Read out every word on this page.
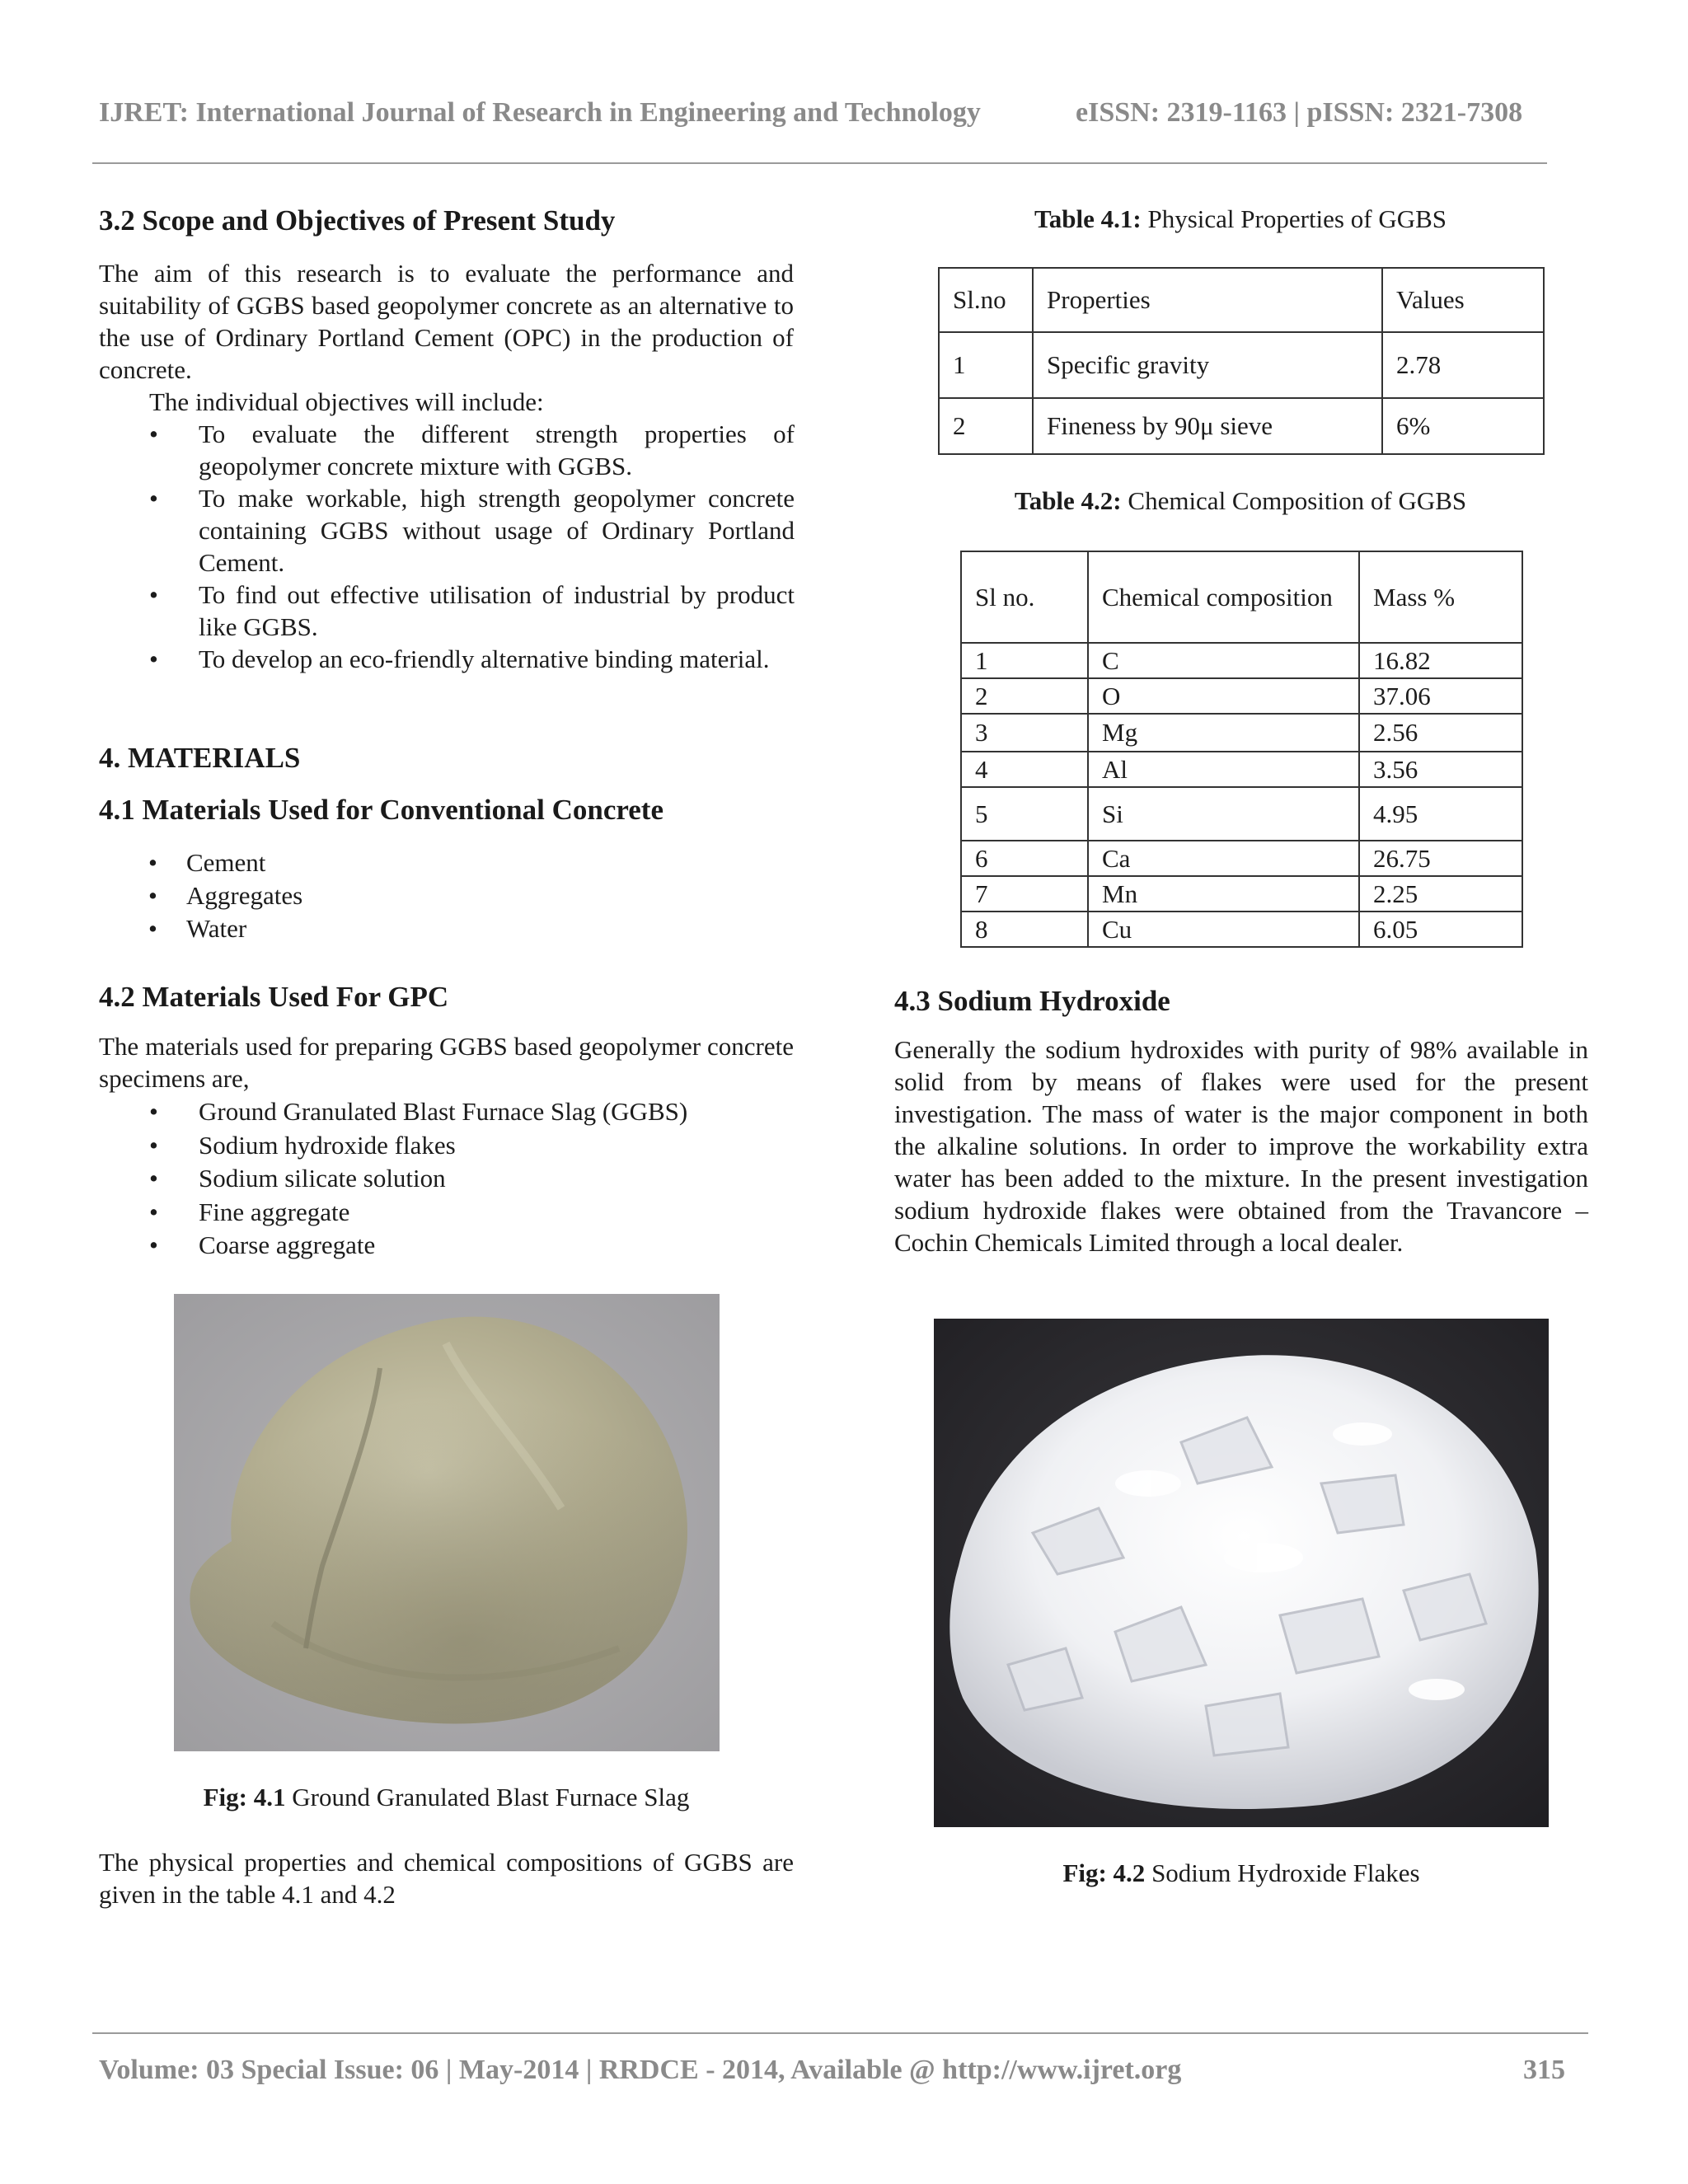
IJRET: International Journal of Research in Engineering and Technology	eISSN: 2319-1163 | pISSN: 2321-7308
3.2 Scope and Objectives of Present Study
The aim of this research is to evaluate the performance and suitability of GGBS based geopolymer concrete as an alternative to the use of Ordinary Portland Cement (OPC) in the production of concrete.
The individual objectives will include:
• To evaluate the different strength properties of geopolymer concrete mixture with GGBS.
• To make workable, high strength geopolymer concrete containing GGBS without usage of Ordinary Portland Cement.
• To find out effective utilisation of industrial by product like GGBS.
• To develop an eco-friendly alternative binding material.
4. MATERIALS
4.1 Materials Used for Conventional Concrete
• Cement
• Aggregates
• Water
4.2 Materials Used For GPC
The materials used for preparing GGBS based geopolymer concrete specimens are,
• Ground Granulated Blast Furnace Slag (GGBS)
• Sodium hydroxide flakes
• Sodium silicate solution
• Fine aggregate
• Coarse aggregate
Fig: 4.1 Ground Granulated Blast Furnace Slag
The physical properties and chemical compositions of GGBS are given in the table 4.1 and 4.2
Table 4.1: Physical Properties of GGBS
Sl.no	Properties	Values
1	Specific gravity	2.78
2	Fineness by 90μ sieve	6%
Table 4.2: Chemical Composition of GGBS
Sl no.	Chemical composition	Mass %
1	C	16.82
2	O	37.06
3	Mg	2.56
4	Al	3.56
5	Si	4.95
6	Ca	26.75
7	Mn	2.25
8	Cu	6.05
4.3 Sodium Hydroxide
Generally the sodium hydroxides with purity of 98% available in solid from by means of flakes were used for the present investigation. The mass of water is the major component in both the alkaline solutions. In order to improve the workability extra water has been added to the mixture. In the present investigation sodium hydroxide flakes were obtained from the Travancore – Cochin Chemicals Limited through a local dealer.
Fig: 4.2 Sodium Hydroxide Flakes
Volume: 03 Special Issue: 06 | May-2014 | RRDCE - 2014, Available @ http://www.ijret.org	315
